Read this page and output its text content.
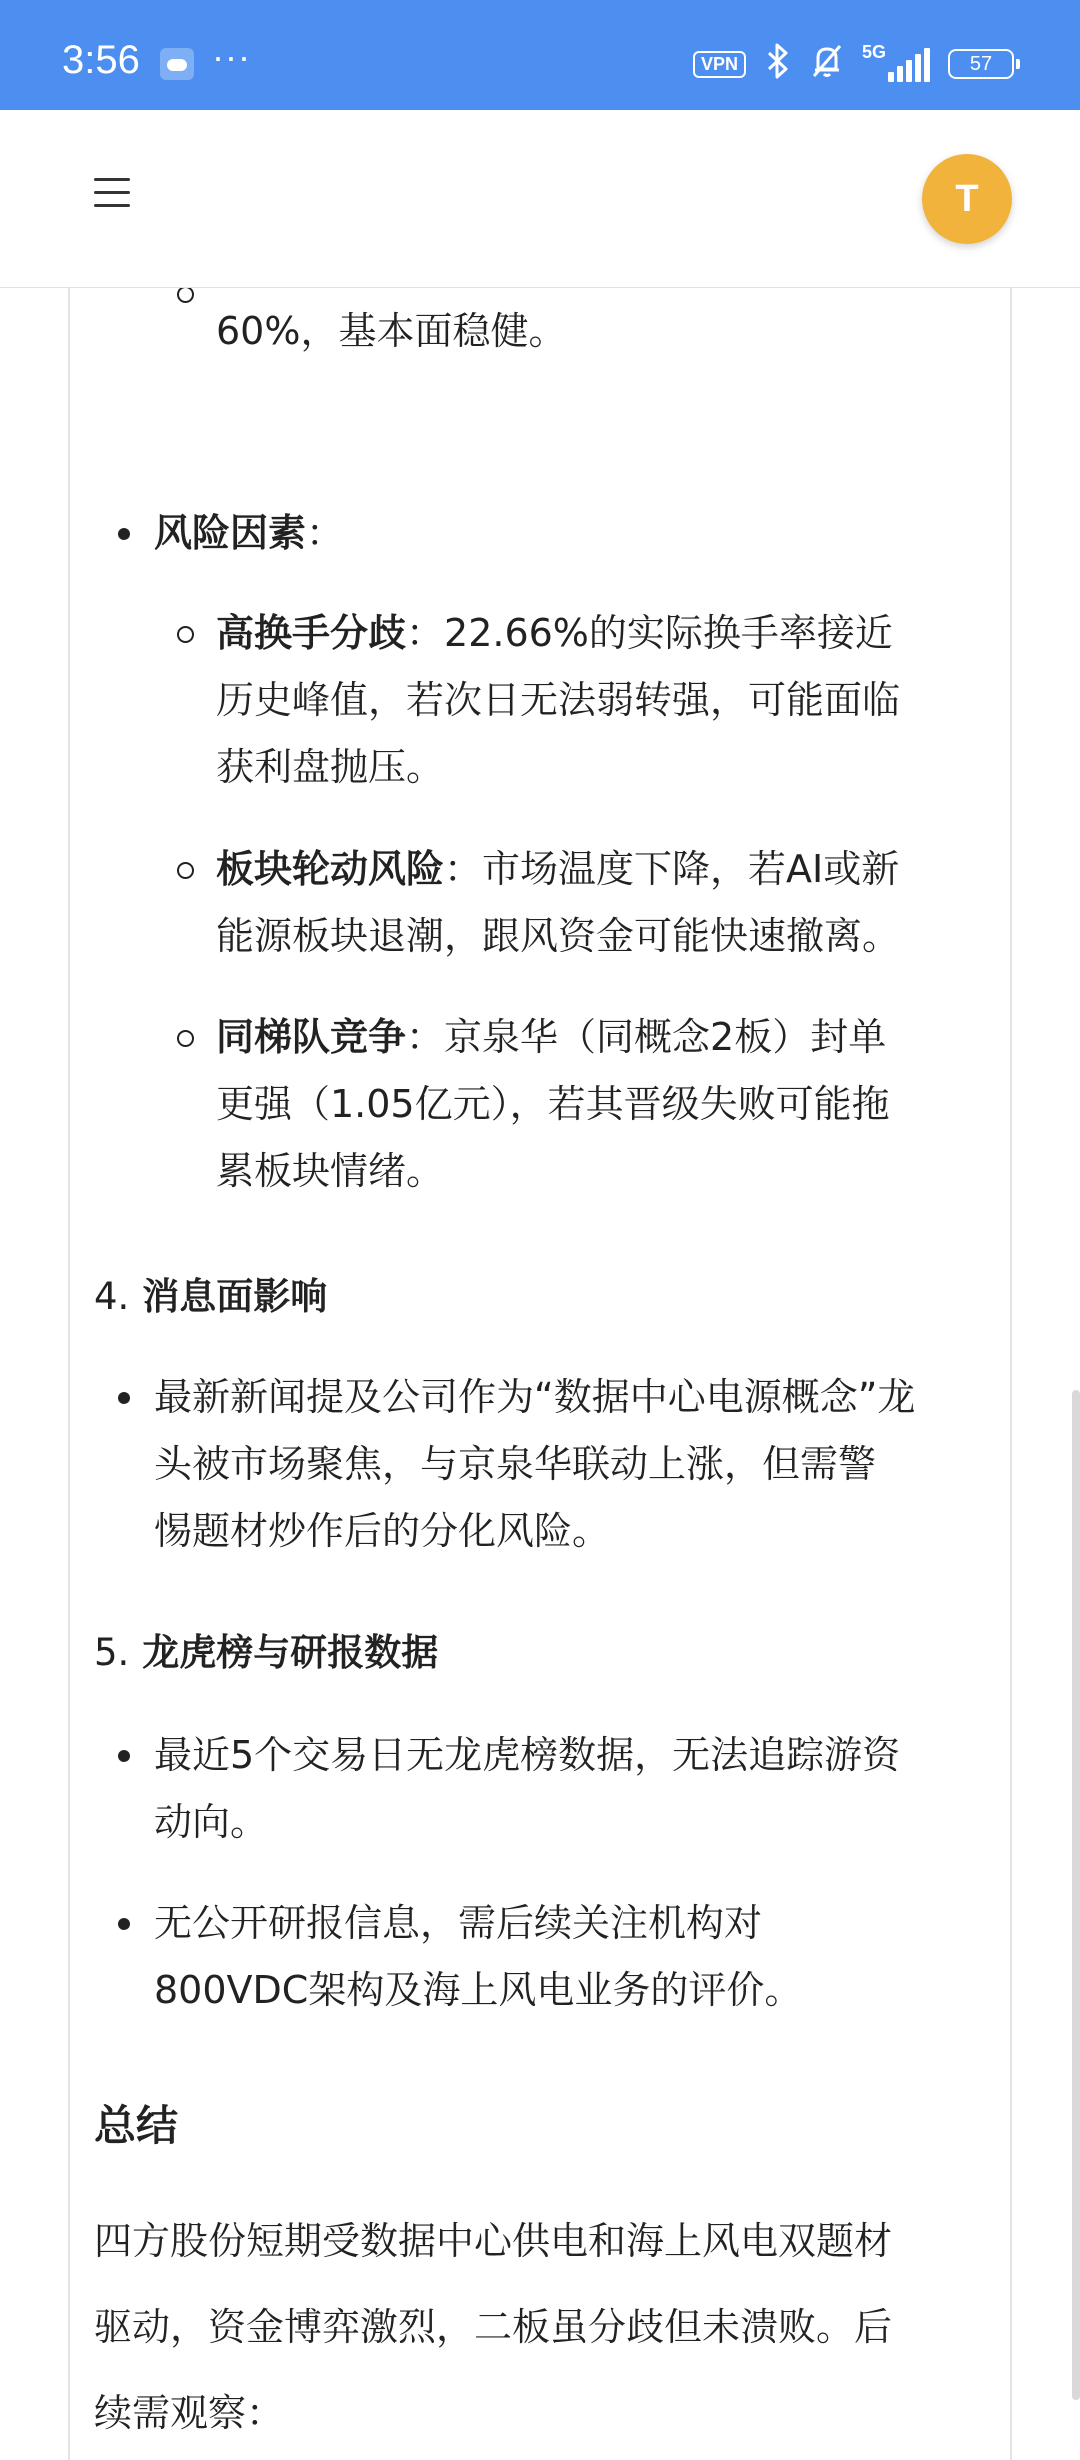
3:56 ···	VPN
5G
57
T
60%，基本面稳健。
风险因素：
高换手分歧：22.66%的实际换手率接近
历史峰值，若次日无法弱转强，可能面临
获利盘抛压。
板块轮动风险：市场温度下降，若AI或新
能源板块退潮，跟风资金可能快速撤离。
同梯队竞争：京泉华（同概念2板）封单
更强（1.05亿元），若其晋级失败可能拖
累板块情绪。
4. 消息面影响
最新新闻提及公司作为“数据中心电源概念”龙
头被市场聚焦，与京泉华联动上涨，但需警
惕题材炒作后的分化风险。
5. 龙虎榜与研报数据
最近5个交易日无龙虎榜数据，无法追踪游资
动向。
无公开研报信息，需后续关注机构对
800VDC架构及海上风电业务的评价。
总结
四方股份短期受数据中心供电和海上风电双题材
驱动，资金博弈激烈，二板虽分歧但未溃败。后
续需观察：
